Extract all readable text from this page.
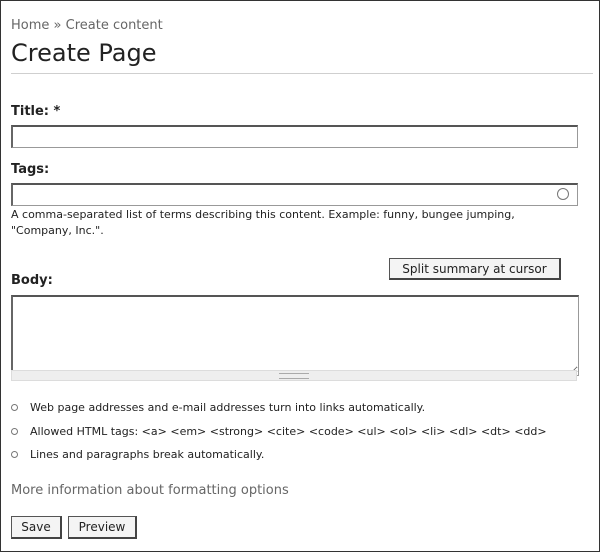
Home » Create content
Create Page
Title: *
Tags:
A comma-separated list of terms describing this content. Example: funny, bungee jumping,
"Company, Inc.".
Split summary at cursor
Body:
Web page addresses and e-mail addresses turn into links automatically.
Allowed HTML tags: <a> <em> <strong> <cite> <code> <ul> <ol> <li> <dl> <dt> <dd>
Lines and paragraphs break automatically.
More information about formatting options
Save	Preview
